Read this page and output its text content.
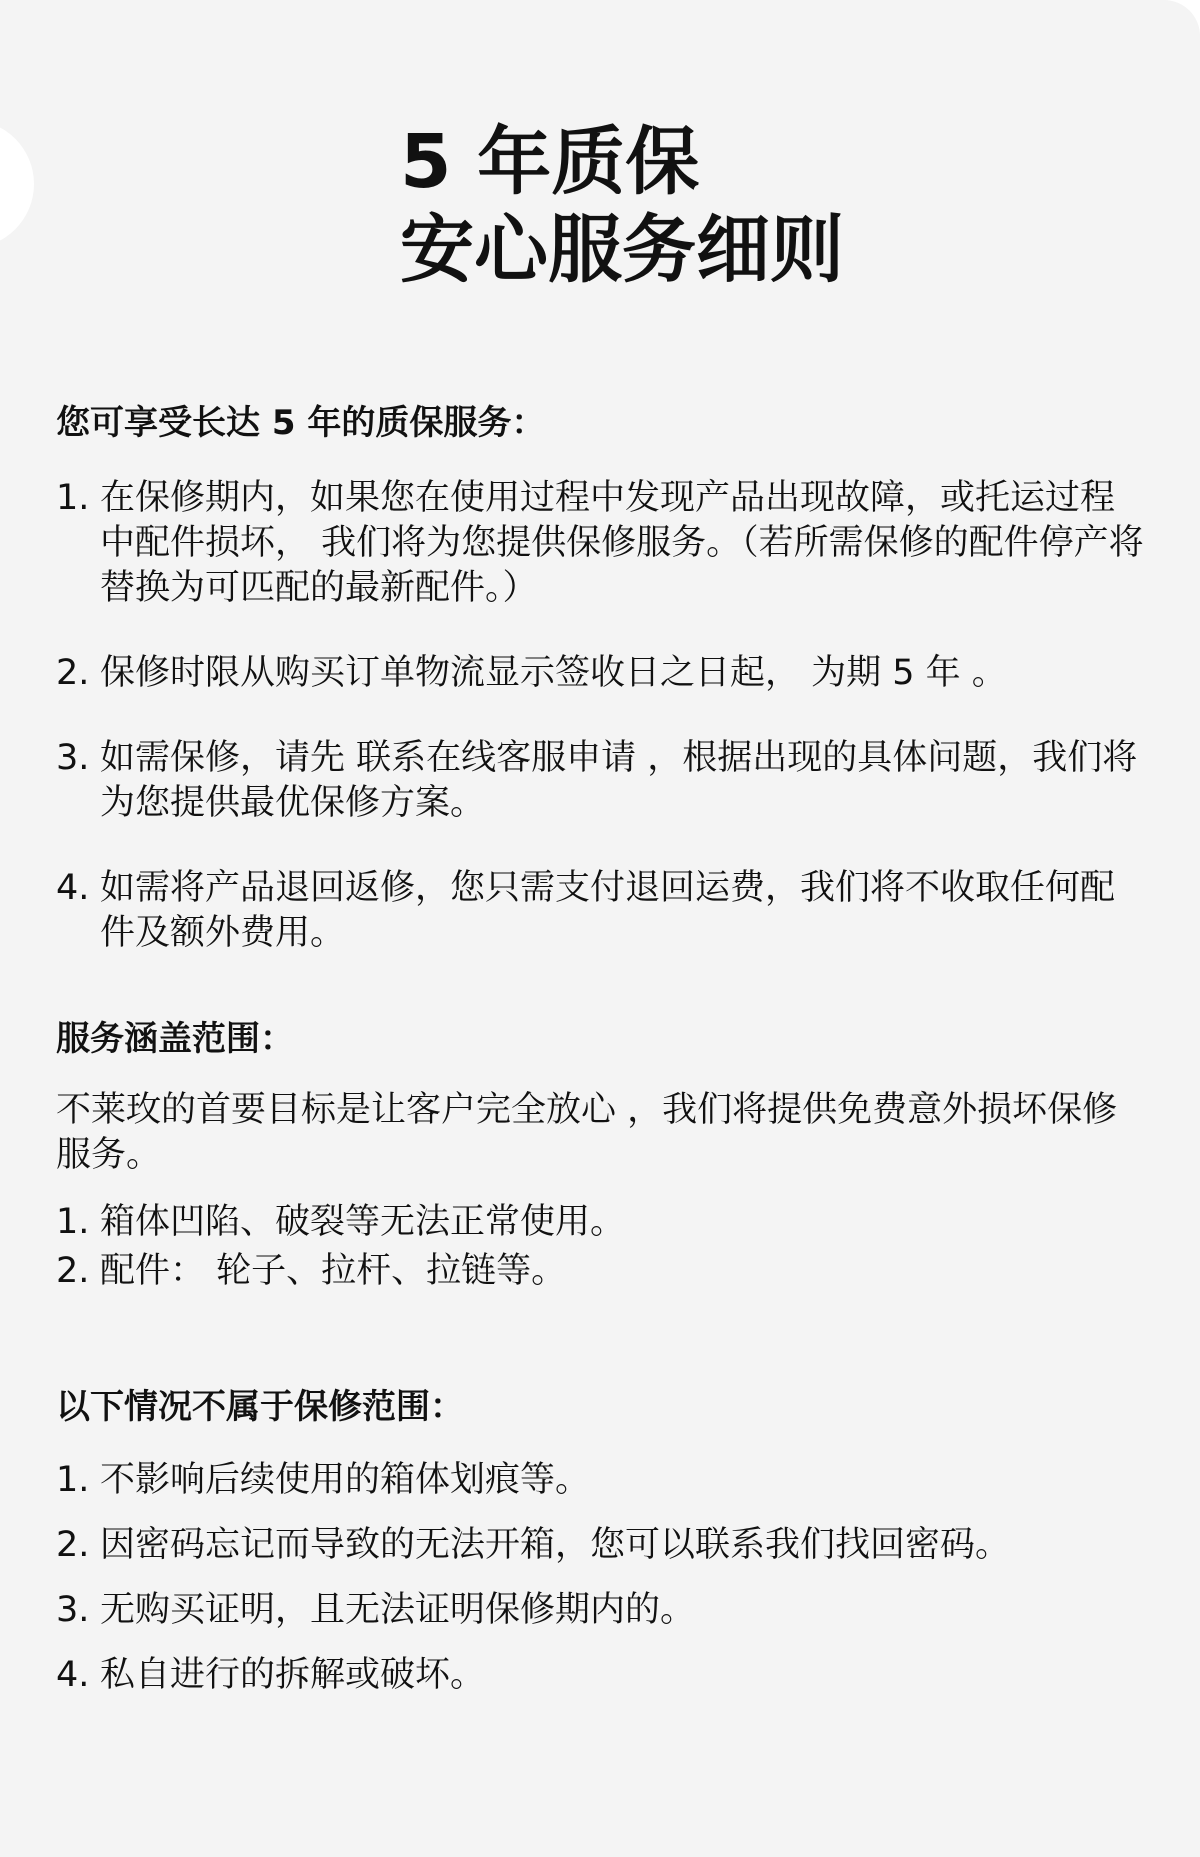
5 年质保
安心服务细则
您可享受长达 5 年的质保服务：
1. 在保修期内，如果您在使用过程中发现产品出现故障，或托运过程中配件损坏， 我们将为您提供保修服务。（若所需保修的配件停产将替换为可匹配的最新配件。）
2. 保修时限从购买订单物流显示签收日之日起， 为期 5 年 。
3. 如需保修，请先 联系在线客服申请 ，根据出现的具体问题，我们将为您提供最优保修方案。
4. 如需将产品退回返修，您只需支付退回运费，我们将不收取任何配件及额外费用。
服务涵盖范围：

不莱玫的首要目标是让客户完全放心 ，我们将提供免费意外损坏保修服务。

1. 箱体凹陷、破裂等无法正常使用。
2. 配件： 轮子、拉杆、拉链等。
以下情况不属于保修范围：
1. 不影响后续使用的箱体划痕等。
2. 因密码忘记而导致的无法开箱，您可以联系我们找回密码。
3. 无购买证明，且无法证明保修期内的。
4. 私自进行的拆解或破坏。
